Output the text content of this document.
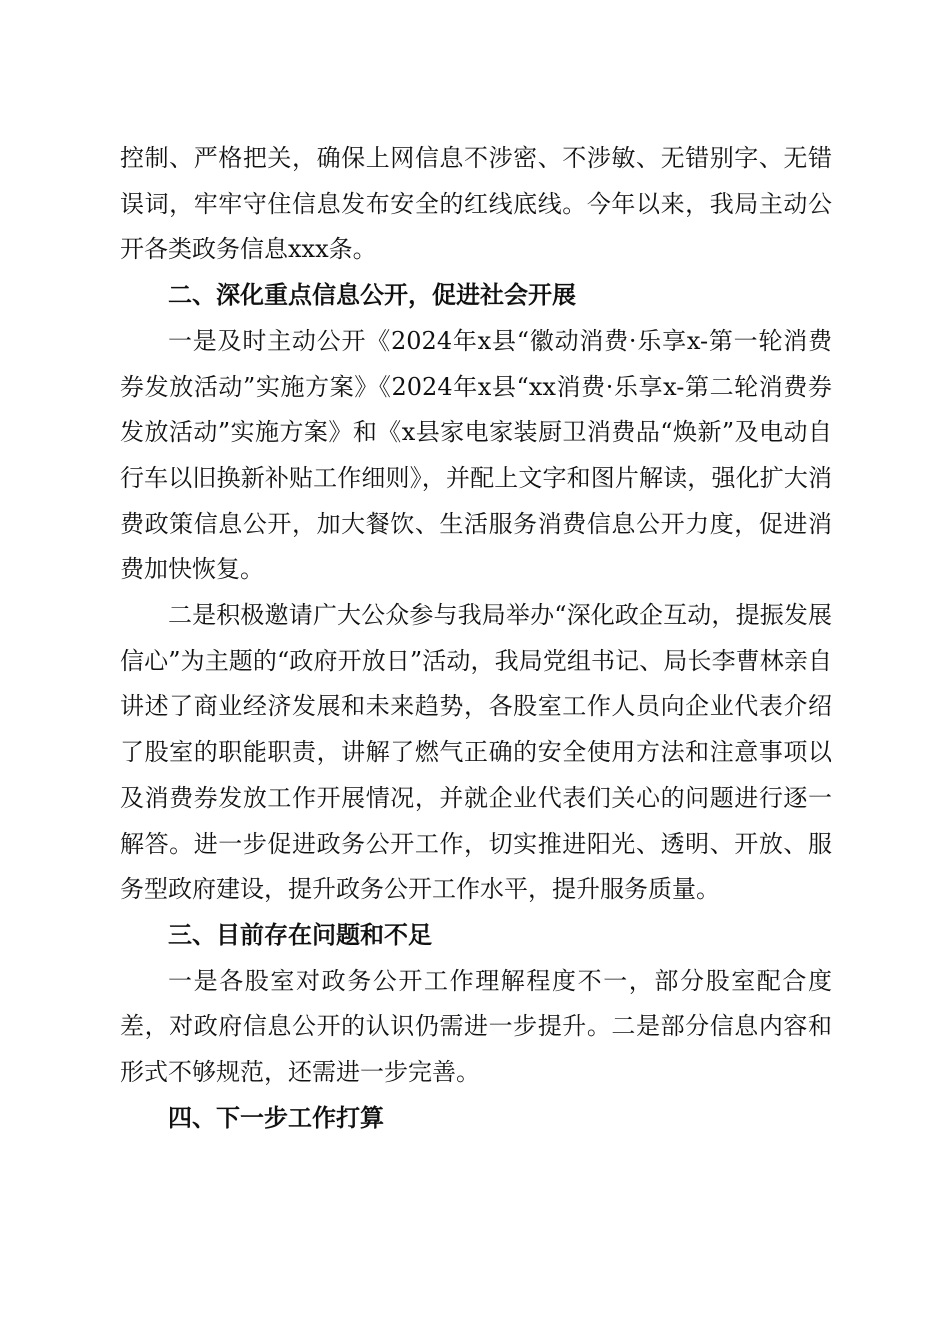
控制、严格把关，确保上网信息不涉密、不涉敏、无错别字、无错误词，牢牢守住信息发布安全的红线底线。今年以来，我局主动公开各类政务信息xxx条。

二、深化重点信息公开，促进社会开展

一是及时主动公开《2024年x县“徽动消费·乐享x-第一轮消费券发放活动”实施方案》《2024年x县“xx消费·乐享x-第二轮消费券发放活动”实施方案》和《x县家电家装厨卫消费品“焕新”及电动自行车以旧换新补贴工作细则》，并配上文字和图片解读，强化扩大消费政策信息公开，加大餐饮、生活服务消费信息公开力度，促进消费加快恢复。

二是积极邀请广大公众参与我局举办“深化政企互动，提振发展信心”为主题的“政府开放日”活动，我局党组书记、局长李曹林亲自讲述了商业经济发展和未来趋势，各股室工作人员向企业代表介绍了股室的职能职责，讲解了燃气正确的安全使用方法和注意事项以及消费券发放工作开展情况，并就企业代表们关心的问题进行逐一解答。进一步促进政务公开工作，切实推进阳光、透明、开放、服务型政府建设，提升政务公开工作水平，提升服务质量。

三、目前存在问题和不足

一是各股室对政务公开工作理解程度不一，部分股室配合度差，对政府信息公开的认识仍需进一步提升。二是部分信息内容和形式不够规范，还需进一步完善。

四、下一步工作打算
